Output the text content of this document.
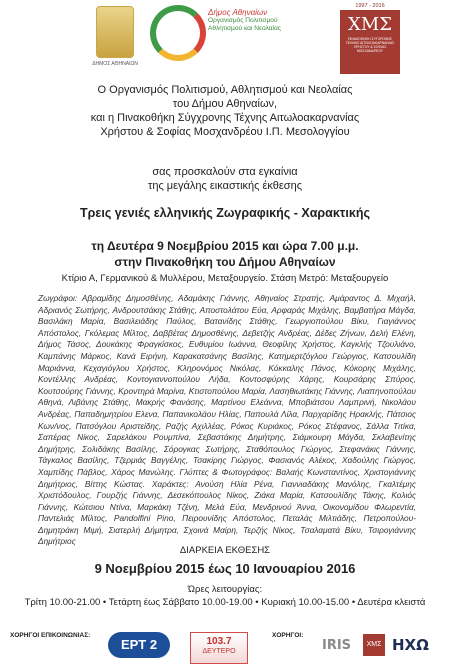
ΔΗΜΟΣ ΑΘΗΝΑΙΩΝ
Δήμος Αθηναίων
Οργανισμός Πολιτισμού
Αθλητισμού και Νεολαίας
1997 - 2016
ΧΜΣ
ΠΙΝΑΚΟΘΗΚΗ ΣΥΓΧΡΟΝΗΣ ΤΕΧΝΗΣ ΑΙΤΩΛΟΑΚΑΡΝΑΝΙΑΣ ΧΡΗΣΤΟΥ & ΣΟΦΙΑΣ ΜΟΣΧΑΝΔΡΕΟΥ
Ο Οργανισμός Πολιτισμού, Αθλητισμού και Νεολαίας
του Δήμου Αθηναίων,
και η Πινακοθήκη Σύγχρονης Τέχνης Αιτωλοακαρνανίας
Χρήστου & Σοφίας Μοσχανδρέου Ι.Π. Μεσολογγίου
σας προσκαλούν στα εγκαίνια
της μεγάλης εικαστικής έκθεσης
Τρεις γενιές ελληνικής Ζωγραφικής - Χαρακτικής
τη Δευτέρα 9 Νοεμβρίου 2015 και ώρα 7.00 μ.μ.
στην Πινακοθήκη του Δήμου Αθηναίων
Κτίριο Α, Γερμανικού & Μυλλέρου, Μεταξουργείο. Στάση Μετρό: Μεταξουργείο
Ζωγράφοι: Αβραμίδης Δημοσθένης, Αδαμάκης Γιάννης, Αθηναίος Στρατής, Αμάραντος Δ. Μιχαήλ, Αδριανός Σωτήρης, Ανδρουτσάκης Στάθης, Αποστολάτου Εύα, Αρφαράς Μιχάλης, Βαμβατήρα Μάγδα, Βασιλάκη Μαρία, Βασιλειάδης Παύλος, Βατανίδης Στάθης, Γεωργιοπούλου Βίκυ, Γιαγιάννος Απόστολος, Γκόλεμας Μίλτος, Δαββέτας Δημοσθένης, Δεβετζής Ανδρέας, Δέδες Ζήνων, Δελή Ελένη, Δήμος Τάσος, Δουκάκης Φραγκίσκος, Ευθυμίου Ιωάννα, Θεοφίλης Χρήστος, Καγκλής Τζουλιάνο, Καμπάνης Μάρκος, Κανά Ειρήνη, Καρακατσάνης Βασίλης, Κατημερτζόγλου Γεώργιος, Κατσουλίδη Μαριάννα, Κεχαγιόγλου Χρήστος, Κληρονόμος Νικόλας, Κόκκαλης Πάνος, Κόκορης Μιχάλης, Κοντέλλης Ανδρέας, Κοντογιαννοπούλου Λήδα, Κοντοσφύρης Χάρης, Κουρσάρης Σπύρος, Κουτσούρης Γιάννης, Κροντηρά Μαρίνα, Κτιστοπούλου Μαρία, Λασηθιωτάκης Γιάννης, Λιαπηνοπούλου Αθηνά, Λιβάνης Στάθης, Μακρής Φανάσης, Μαρτίνου Ελεάννα, Μποβιάτσου Λαμπρινή, Νικολάου Ανδρέας, Παπαδημητρίου Ελενα, Παπανικολάου Ηλίας, Παπουλά Λίλα, Παρχαρίδης Ηρακλής, Πάτσιος Κων/νος, Πατσόγλου Αριστείδης, Ραζής Αχιλλέας, Ρόκος Κυριάκος, Ρόκος Στέφανος, Σάλλα Τιτίκα, Σαπέρας Νίκος, Σαρελάκου Ρουμπίνα, Σεβαστάκης Δημήτρης, Σιάμκουρη Μάγδα, Σκλαβενίτης Δημήτρης, Σολιδάκης Βασίλης, Σόρογκας Σωτήρης, Σταθόπουλος Γιώργος, Στεφανάκις Γιάννης, Τάγκαλος Βασίλης, Τζερμιάς Βαγγέλης, Τσακίρης Γιώργος, Φασιανός Αλέκος, Χαδούλης Γιώργος, Χαμπίδης Πάβλος, Χάρος Μανώλης. Γλύπτες & Φωτογράφος: Βαλαής Κωνσταντίνος, Χριστογιάννης Δημήτριος, Βίττης Κώστας. Χαράκτες: Ανούση Ηλία Ρένα, Γιαννιαδάκης Μανόλης, Γκαλτέμης Χριστόδουλος, Γουρζής Γιάννης, Δεσεκόπουλος Νίκος, Ζιάκα Μαρία, Κατσουλίδης Τάκης, Κολιός Γιάννης, Κώτσιου Ντίνα, Μαρκάκη Τζένη, Μελά Εύα, Μενδρινού Άννα, Οικονομίδου Φλωρεντία, Παντελιάς Μίλτος, Pandolfini Pino, Πειρουνίδης Απόστολος, Πεταλάς Μιλτιάδης, Πετροπούλου-Δημητράκη Μιμή, Σιατερλή Δήμητρα, Σχοινά Μαίρη, Τερζής Νίκος, Τσαλαματά Βίκυ, Τσιρογιάννης Δημήτριος
ΔΙΑΡΚΕΙΑ ΕΚΘΕΣΗΣ
9 Νοεμβρίου 2015 έως 10 Ιανουαρίου 2016
Ώρες λειτουργίας:
Τρίτη 10.00-21.00 • Τετάρτη έως Σάββατο 10.00-19.00 • Κυριακή 10.00-15.00 • Δευτέρα κλειστά
ΧΟΡΗΓΟΙ ΕΠΙΚΟΙΝΩΝΙΑΣ:
ΕΡΤ 2	103.7
ΔΕΥΤΕΡΟ
ΧΟΡΗΓΟΙ:
IRIS	ΧΜΣ ΗΧΩ
